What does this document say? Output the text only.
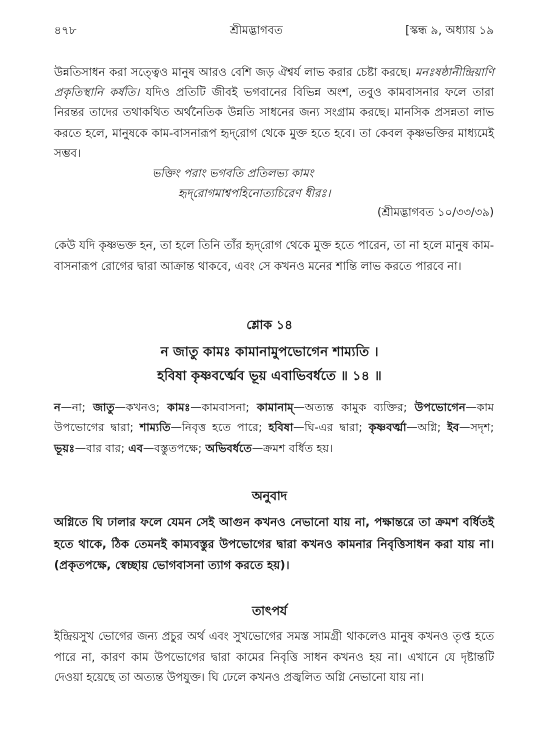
৪৭৮	শ্রীমদ্ভাগবত	[স্কন্ধ ৯, অধ্যায় ১৯
উন্নতিসাধন করা সত্ত্বেও মানুষ আরও বেশি জড় ঐশ্বর্য লাভ করার চেষ্টা করছে। মনঃষষ্ঠানীন্দ্রিয়াণি প্রকৃতিস্থানি কর্ষতি। যদিও প্রতিটি জীবই ভগবানের বিভিন্ন অংশ, তবুও কামবাসনার ফলে তারা নিরন্তর তাদের তথাকথিত অর্থনৈতিক উন্নতি সাধনের জন্য সংগ্রাম করছে। মানসিক প্রসন্নতা লাভ করতে হলে, মানুষকে কাম-বাসনারূপ হৃদ্‌রোগ থেকে মুক্ত হতে হবে। তা কেবল কৃষ্ণভক্তির মাধ্যমেই সম্ভব।
ভক্তিং পরাং ভগবতি প্রতিলভ্য কামং
হৃদ্‌রোগমাশ্বপহিনোত্যচিরেণ ধীরঃ।
(শ্রীমদ্ভাগবত ১০/৩৩/৩৯)
কেউ যদি কৃষ্ণভক্ত হন, তা হলে তিনি তাঁর হৃদ্‌রোগ থেকে মুক্ত হতে পারেন, তা না হলে মানুষ কাম-বাসনারূপ রোগের দ্বারা আক্রান্ত থাকবে, এবং সে কখনও মনের শান্তি লাভ করতে পারবে না।
শ্লোক ১৪
ন জাতু কামঃ কামানামুপভোগেন শাম্যতি ।
হবিষা কৃষ্ণবর্ত্মেব ভূয় এবাভিবর্ধতে ॥ ১৪ ॥
ন—না; জাতু—কখনও; কামঃ—কামবাসনা; কামানাম্—অত্যন্ত কামুক ব্যক্তির; উপভোগেন—কাম উপভোগের দ্বারা; শাম্যতি—নিবৃত্ত হতে পারে; হবিষা—ঘি-এর দ্বারা; কৃষ্ণবর্ত্মা—অগ্নি; ইব—সদৃশ; ভূয়ঃ—বার বার; এব—বস্তুতপক্ষে; অভিবর্ধতে—ক্রমশ বর্ধিত হয়।
অনুবাদ
অগ্নিতে ঘি ঢালার ফলে যেমন সেই আগুন কখনও নেভানো যায় না, পক্ষান্তরে তা ক্রমশ বর্ধিতই হতে থাকে, ঠিক তেমনই কাম্যবস্তুর উপভোগের দ্বারা কখনও কামনার নিবৃত্তিসাধন করা যায় না। (প্রকৃতপক্ষে, স্বেচ্ছায় ভোগবাসনা ত্যাগ করতে হয়)।
তাৎপর্য
ইন্দ্রিয়সুখ ভোগের জন্য প্রচুর অর্থ এবং সুখভোগের সমস্ত সামগ্রী থাকলেও মানুষ কখনও তৃপ্ত হতে পারে না, কারণ কাম উপভোগের দ্বারা কামের নিবৃত্তি সাধন কখনও হয় না। এখানে যে দৃষ্টান্তটি দেওয়া হয়েছে তা অত্যন্ত উপযুক্ত। ঘি ঢেলে কখনও প্রজ্বলিত অগ্নি নেভানো যায় না।
